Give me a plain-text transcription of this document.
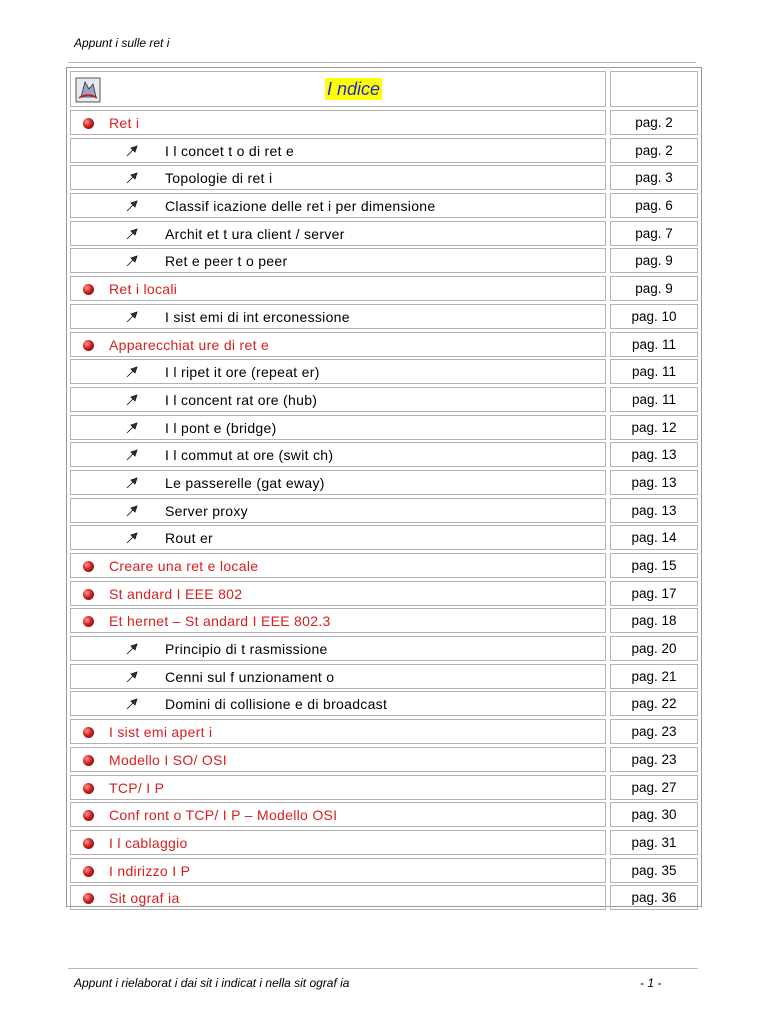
Appunt i sulle ret i
I ndice
Ret i	pag. 2
I l concet t o di ret e	pag. 2
Topologie di ret i	pag. 3
Classif icazione delle ret i per dimensione	pag. 6
Archit et t ura client / server	pag. 7
Ret e peer t o peer	pag. 9
Ret i locali	pag. 9
I sist emi di int erconessione	pag. 10
Apparecchiat ure di ret e	pag. 11
I l ripet it ore (repeat er)	pag. 11
I l concent rat ore (hub)	pag. 11
I l pont e (bridge)	pag. 12
I l commut at ore (swit ch)	pag. 13
Le passerelle (gat eway)	pag. 13
Server proxy	pag. 13
Rout er	pag. 14
Creare una ret e locale	pag. 15
St andard I EEE 802	pag. 17
Et hernet – St andard I EEE 802.3	pag. 18
Principio di t rasmissione	pag. 20
Cenni sul f unzionament o	pag. 21
Domini di collisione e di broadcast	pag. 22
I sist emi apert i	pag. 23
Modello I SO/ OSI	pag. 23
TCP/ I P	pag. 27
Conf ront o TCP/ I P – Modello OSI	pag. 30
I l cablaggio	pag. 31
I ndirizzo I P	pag. 35
Sit ograf ia	pag. 36
Appunt i rielaborat i dai sit i indicat i nella sit ograf ia	- 1 -
